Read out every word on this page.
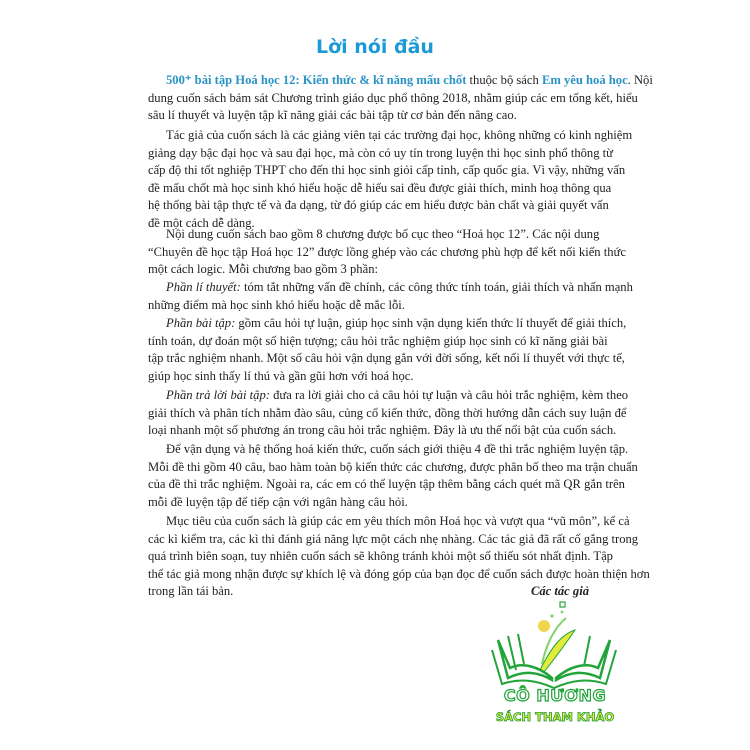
Lời nói đầu
500⁺ bài tập Hoá học 12: Kiến thức & kĩ năng mấu chốt thuộc bộ sách Em yêu hoá học. Nội
dung cuốn sách bám sát Chương trình giáo dục phổ thông 2018, nhằm giúp các em tổng kết, hiểu
sâu lí thuyết và luyện tập kĩ năng giải các bài tập từ cơ bản đến nâng cao.
Tác giả của cuốn sách là các giảng viên tại các trường đại học, không những có kinh nghiệm
giảng dạy bậc đại học và sau đại học, mà còn có uy tín trong luyện thi học sinh phổ thông từ
cấp độ thi tốt nghiệp THPT cho đến thi học sinh giỏi cấp tỉnh, cấp quốc gia. Vì vậy, những vấn
đề mấu chốt mà học sinh khó hiểu hoặc dễ hiểu sai đều được giải thích, minh hoạ thông qua
hệ thống bài tập thực tế và đa dạng, từ đó giúp các em hiểu được bản chất và giải quyết vấn
đề một cách dễ dàng.
Nội dung cuốn sách bao gồm 8 chương được bố cục theo “Hoá học 12”. Các nội dung
“Chuyên đề học tập Hoá học 12” được lồng ghép vào các chương phù hợp để kết nối kiến thức
một cách logic. Mỗi chương bao gồm 3 phần:
Phần lí thuyết: tóm tắt những vấn đề chính, các công thức tính toán, giải thích và nhấn mạnh
những điểm mà học sinh khó hiểu hoặc dễ mắc lỗi.
Phần bài tập: gồm câu hỏi tự luận, giúp học sinh vận dụng kiến thức lí thuyết để giải thích,
tính toán, dự đoán một số hiện tượng; câu hỏi trắc nghiệm giúp học sinh có kĩ năng giải bài
tập trắc nghiệm nhanh. Một số câu hỏi vận dụng gắn với đời sống, kết nối lí thuyết với thực tế,
giúp học sinh thấy lí thú và gần gũi hơn với hoá học.
Phần trả lời bài tập: đưa ra lời giải cho cả câu hỏi tự luận và câu hỏi trắc nghiệm, kèm theo
giải thích và phân tích nhằm đào sâu, củng cố kiến thức, đồng thời hướng dẫn cách suy luận để
loại nhanh một số phương án trong câu hỏi trắc nghiệm. Đây là ưu thế nổi bật của cuốn sách.
Để vận dụng và hệ thống hoá kiến thức, cuốn sách giới thiệu 4 đề thi trắc nghiệm luyện tập.
Mỗi đề thi gồm 40 câu, bao hàm toàn bộ kiến thức các chương, được phân bố theo ma trận chuẩn
của đề thi trắc nghiệm. Ngoài ra, các em có thể luyện tập thêm bằng cách quét mã QR gắn trên
mỗi đề luyện tập để tiếp cận với ngân hàng câu hỏi.
Mục tiêu của cuốn sách là giúp các em yêu thích môn Hoá học và vượt qua “vũ môn”, kể cả
các kì kiểm tra, các kì thi đánh giá năng lực một cách nhẹ nhàng. Các tác giả đã rất cố gắng trong
quá trình biên soạn, tuy nhiên cuốn sách sẽ không tránh khỏi một số thiếu sót nhất định. Tập
thể tác giả mong nhận được sự khích lệ và đóng góp của bạn đọc để cuốn sách được hoàn thiện hơn
trong lần tái bản.	Các tác giả
CÔ HƯƠNG
SÁCH THAM KHẢO
